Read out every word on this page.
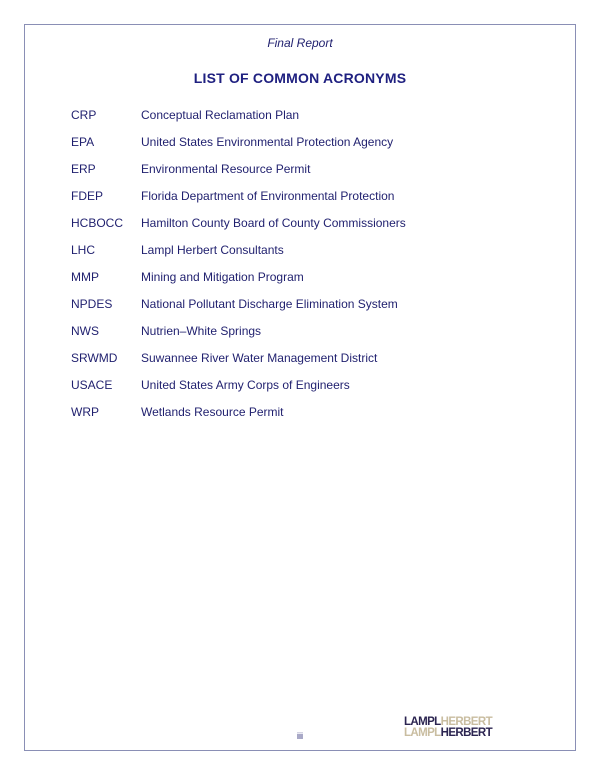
Final Report
LIST OF COMMON ACRONYMS
CRP	Conceptual Reclamation Plan
EPA	United States Environmental Protection Agency
ERP	Environmental Resource Permit
FDEP	Florida Department of Environmental Protection
HCBOCC	Hamilton County Board of County Commissioners
LHC	Lampl Herbert Consultants
MMP	Mining and Mitigation Program
NPDES	National Pollutant Discharge Elimination System
NWS	Nutrien–White Springs
SRWMD	Suwannee River Water Management District
USACE	United States Army Corps of Engineers
WRP	Wetlands Resource Permit
iii
LAMPLHERBERT
LAMPLHERBERT
